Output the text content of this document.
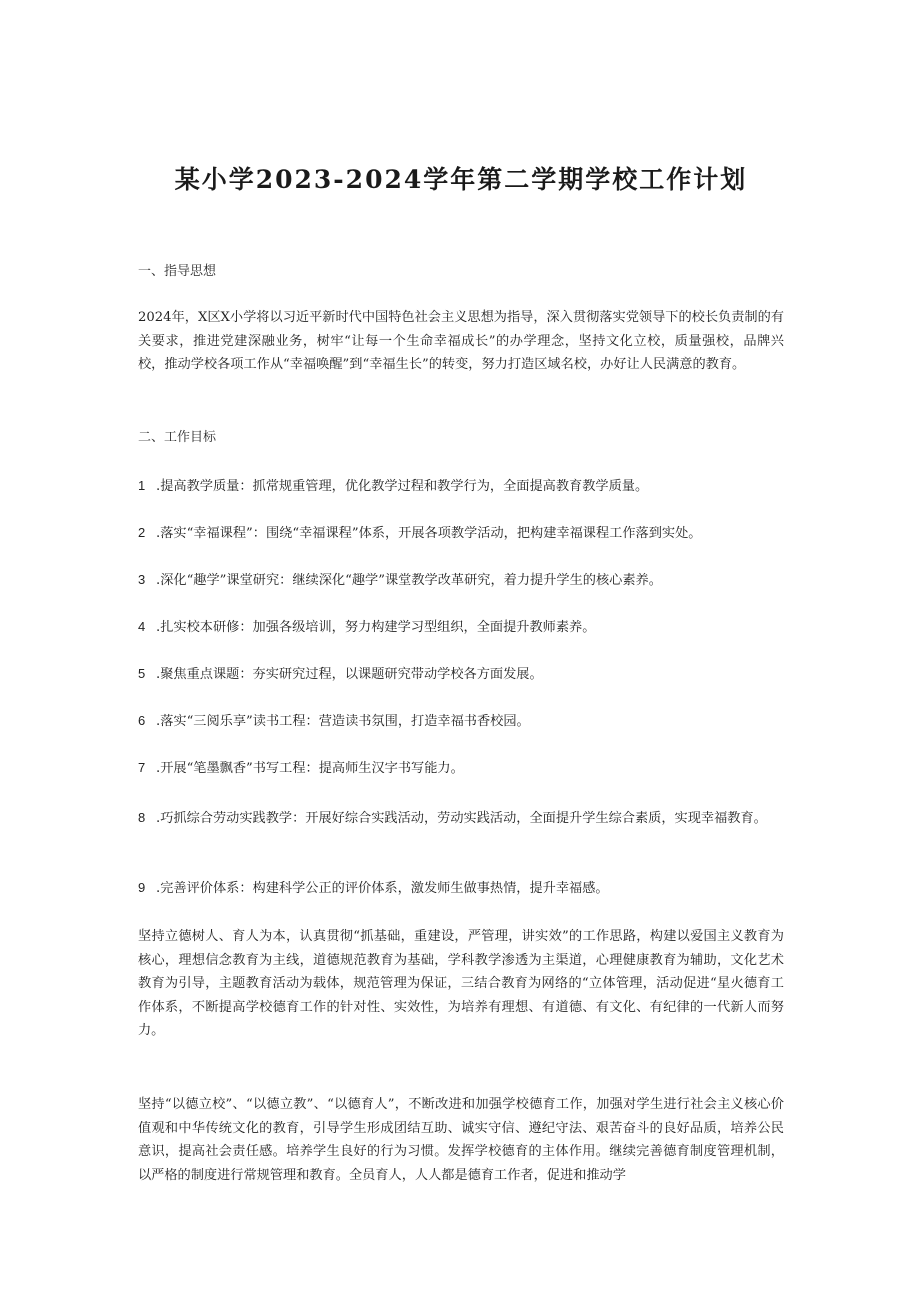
某小学2023-2024学年第二学期学校工作计划
一、指导思想
2024年，X区X小学将以习近平新时代中国特色社会主义思想为指导，深入贯彻落实党领导下的校长负责制的有关要求，推进党建深融业务，树牢“让每一个生命幸福成长”的办学理念，坚持文化立校，质量强校，品牌兴校，推动学校各项工作从“幸福唤醒”到“幸福生长”的转变，努力打造区域名校，办好让人民满意的教育。
二、工作目标
1 .提高教学质量：抓常规重管理，优化教学过程和教学行为，全面提高教育教学质量。
2 .落实“幸福课程”：围绕“幸福课程”体系，开展各项教学活动，把构建幸福课程工作落到实处。
3 .深化“趣学”课堂研究：继续深化“趣学”课堂教学改革研究，着力提升学生的核心素养。
4 .扎实校本研修：加强各级培训，努力构建学习型组织，全面提升教师素养。
5 .聚焦重点课题：夯实研究过程，以课题研究带动学校各方面发展。
6 .落实“三阅乐享”读书工程：营造读书氛围，打造幸福书香校园。
7 .开展“笔墨飘香”书写工程：提高师生汉字书写能力。
8 .巧抓综合劳动实践教学：开展好综合实践活动，劳动实践活动，全面提升学生综合素质，实现幸福教育。
9 .完善评价体系：构建科学公正的评价体系，激发师生做事热情，提升幸福感。
坚持立德树人、育人为本，认真贯彻“抓基础，重建设，严管理，讲实效”的工作思路，构建以爱国主义教育为核心，理想信念教育为主线，道德规范教育为基础，学科教学渗透为主渠道，心理健康教育为辅助，文化艺术教育为引导，主题教育活动为载体，规范管理为保证，三结合教育为网络的“立体管理，活动促进“星火德育工作体系，不断提高学校德育工作的针对性、实效性，为培养有理想、有道德、有文化、有纪律的一代新人而努力。
坚持“以德立校”、“以德立教”、“以德育人”，不断改进和加强学校德育工作，加强对学生进行社会主义核心价值观和中华传统文化的教育，引导学生形成团结互助、诚实守信、遵纪守法、艰苦奋斗的良好品质，培养公民意识，提高社会责任感。培养学生良好的行为习惯。发挥学校德育的主体作用。继续完善德育制度管理机制，以严格的制度进行常规管理和教育。全员育人，人人都是德育工作者，促进和推动学
